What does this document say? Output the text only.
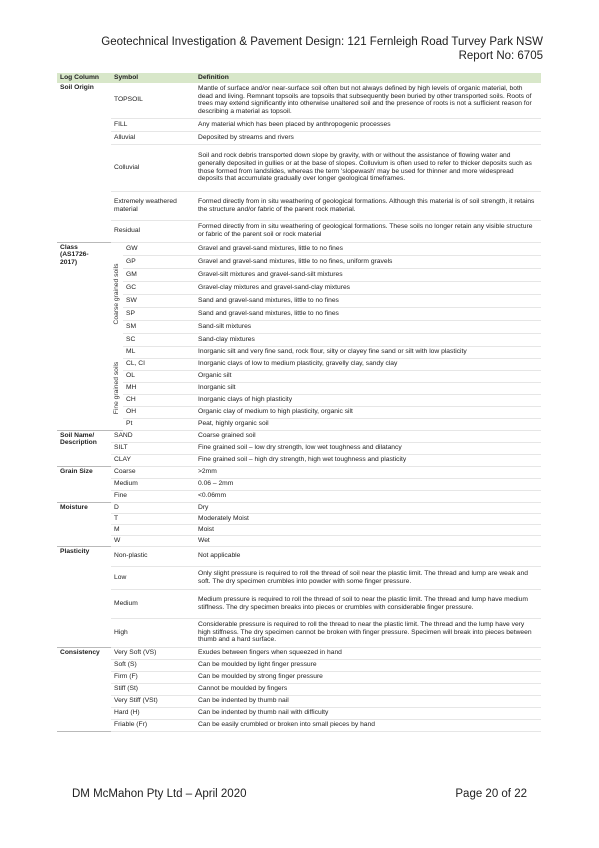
Geotechnical Investigation & Pavement Design: 121 Fernleigh Road Turvey Park NSW
Report No: 6705
Log Column	Symbol		Definition
Soil Origin	TOPSOIL		Mantle of surface and/or near-surface soil often but not always defined by high levels of organic material, both dead and living. Remnant topsoils are topsoils that subsequently been buried by other transported soils. Roots of trees may extend significantly into otherwise unaltered soil and the presence of roots is not a sufficient reason for describing a material as topsoil.
	FILL		Any material which has been placed by anthropogenic processes
	Alluvial		Deposited by streams and rivers
	Colluvial		Soil and rock debris transported down slope by gravity, with or without the assistance of flowing water and generally deposited in gullies or at the base of slopes. Colluvium is often used to refer to thicker deposits such as those formed from landslides, whereas the term 'slopewash' may be used for thinner and more widespread deposits that accumulate gradually over longer geological timeframes.
	Extremely weathered material		Formed directly from in situ weathering of geological formations. Although this material is of soil strength, it retains the structure and/or fabric of the parent rock material.
	Residual		Formed directly from in situ weathering of geological formations. These soils no longer retain any visible structure or fabric of the parent soil or rock material
Class
(AS1726-
2017)	Coarse grained soils	GW	Gravel and gravel-sand mixtures, little to no fines
		GP	Gravel and gravel-sand mixtures, little to no fines, uniform gravels
		GM	Gravel-silt mixtures and gravel-sand-silt mixtures
		GC	Gravel-clay mixtures and gravel-sand-clay mixtures
		SW	Sand and gravel-sand mixtures, little to no fines
		SP	Sand and gravel-sand mixtures, little to no fines
		SM	Sand-silt mixtures
		SC	Sand-clay mixtures

	Fine grained soils	ML	Inorganic silt and very fine sand, rock flour, silty or clayey fine sand or silt with low plasticity
		CL, CI	Inorganic clays of low to medium plasticity, gravelly clay, sandy clay
		OL	Organic silt
		MH	Inorganic silt
		CH	Inorganic clays of high plasticity
		OH	Organic clay of medium to high plasticity, organic silt
		Pt	Peat, highly organic soil
Soil Name/
Description	SAND		Coarse grained soil
	SILT		Fine grained soil – low dry strength, low wet toughness and dilatancy
	CLAY		Fine grained soil – high dry strength, high wet toughness and plasticity
Grain Size	Coarse		>2mm
	Medium		0.06 – 2mm
	Fine		<0.06mm
Moisture	D		Dry
	T		Moderately Moist
	M		Moist
	W		Wet
Plasticity	Non-plastic		Not applicable
	Low		Only slight pressure is required to roll the thread of soil near the plastic limit. The thread and lump are weak and soft. The dry specimen crumbles into powder with some finger pressure.
	Medium		Medium pressure is required to roll the thread of soil to near the plastic limit. The thread and lump have medium stiffness. The dry specimen breaks into pieces or crumbles with considerable finger pressure.
	High		Considerable pressure is required to roll the thread to near the plastic limit. The thread and the lump have very high stiffness. The dry specimen cannot be broken with finger pressure. Specimen will break into pieces between thumb and a hard surface.
Consistency	Very Soft (VS)		Exudes between fingers when squeezed in hand
	Soft (S)		Can be moulded by light finger pressure
	Firm (F)		Can be moulded by strong finger pressure
	Stiff (St)		Cannot be moulded by fingers
	Very Stiff (VSt)		Can be indented by thumb nail
	Hard (H)		Can be indented by thumb nail with difficulty
	Friable (Fr)		Can be easily crumbled or broken into small pieces by hand
DM McMahon Pty Ltd – April 2020	Page 20 of 22
